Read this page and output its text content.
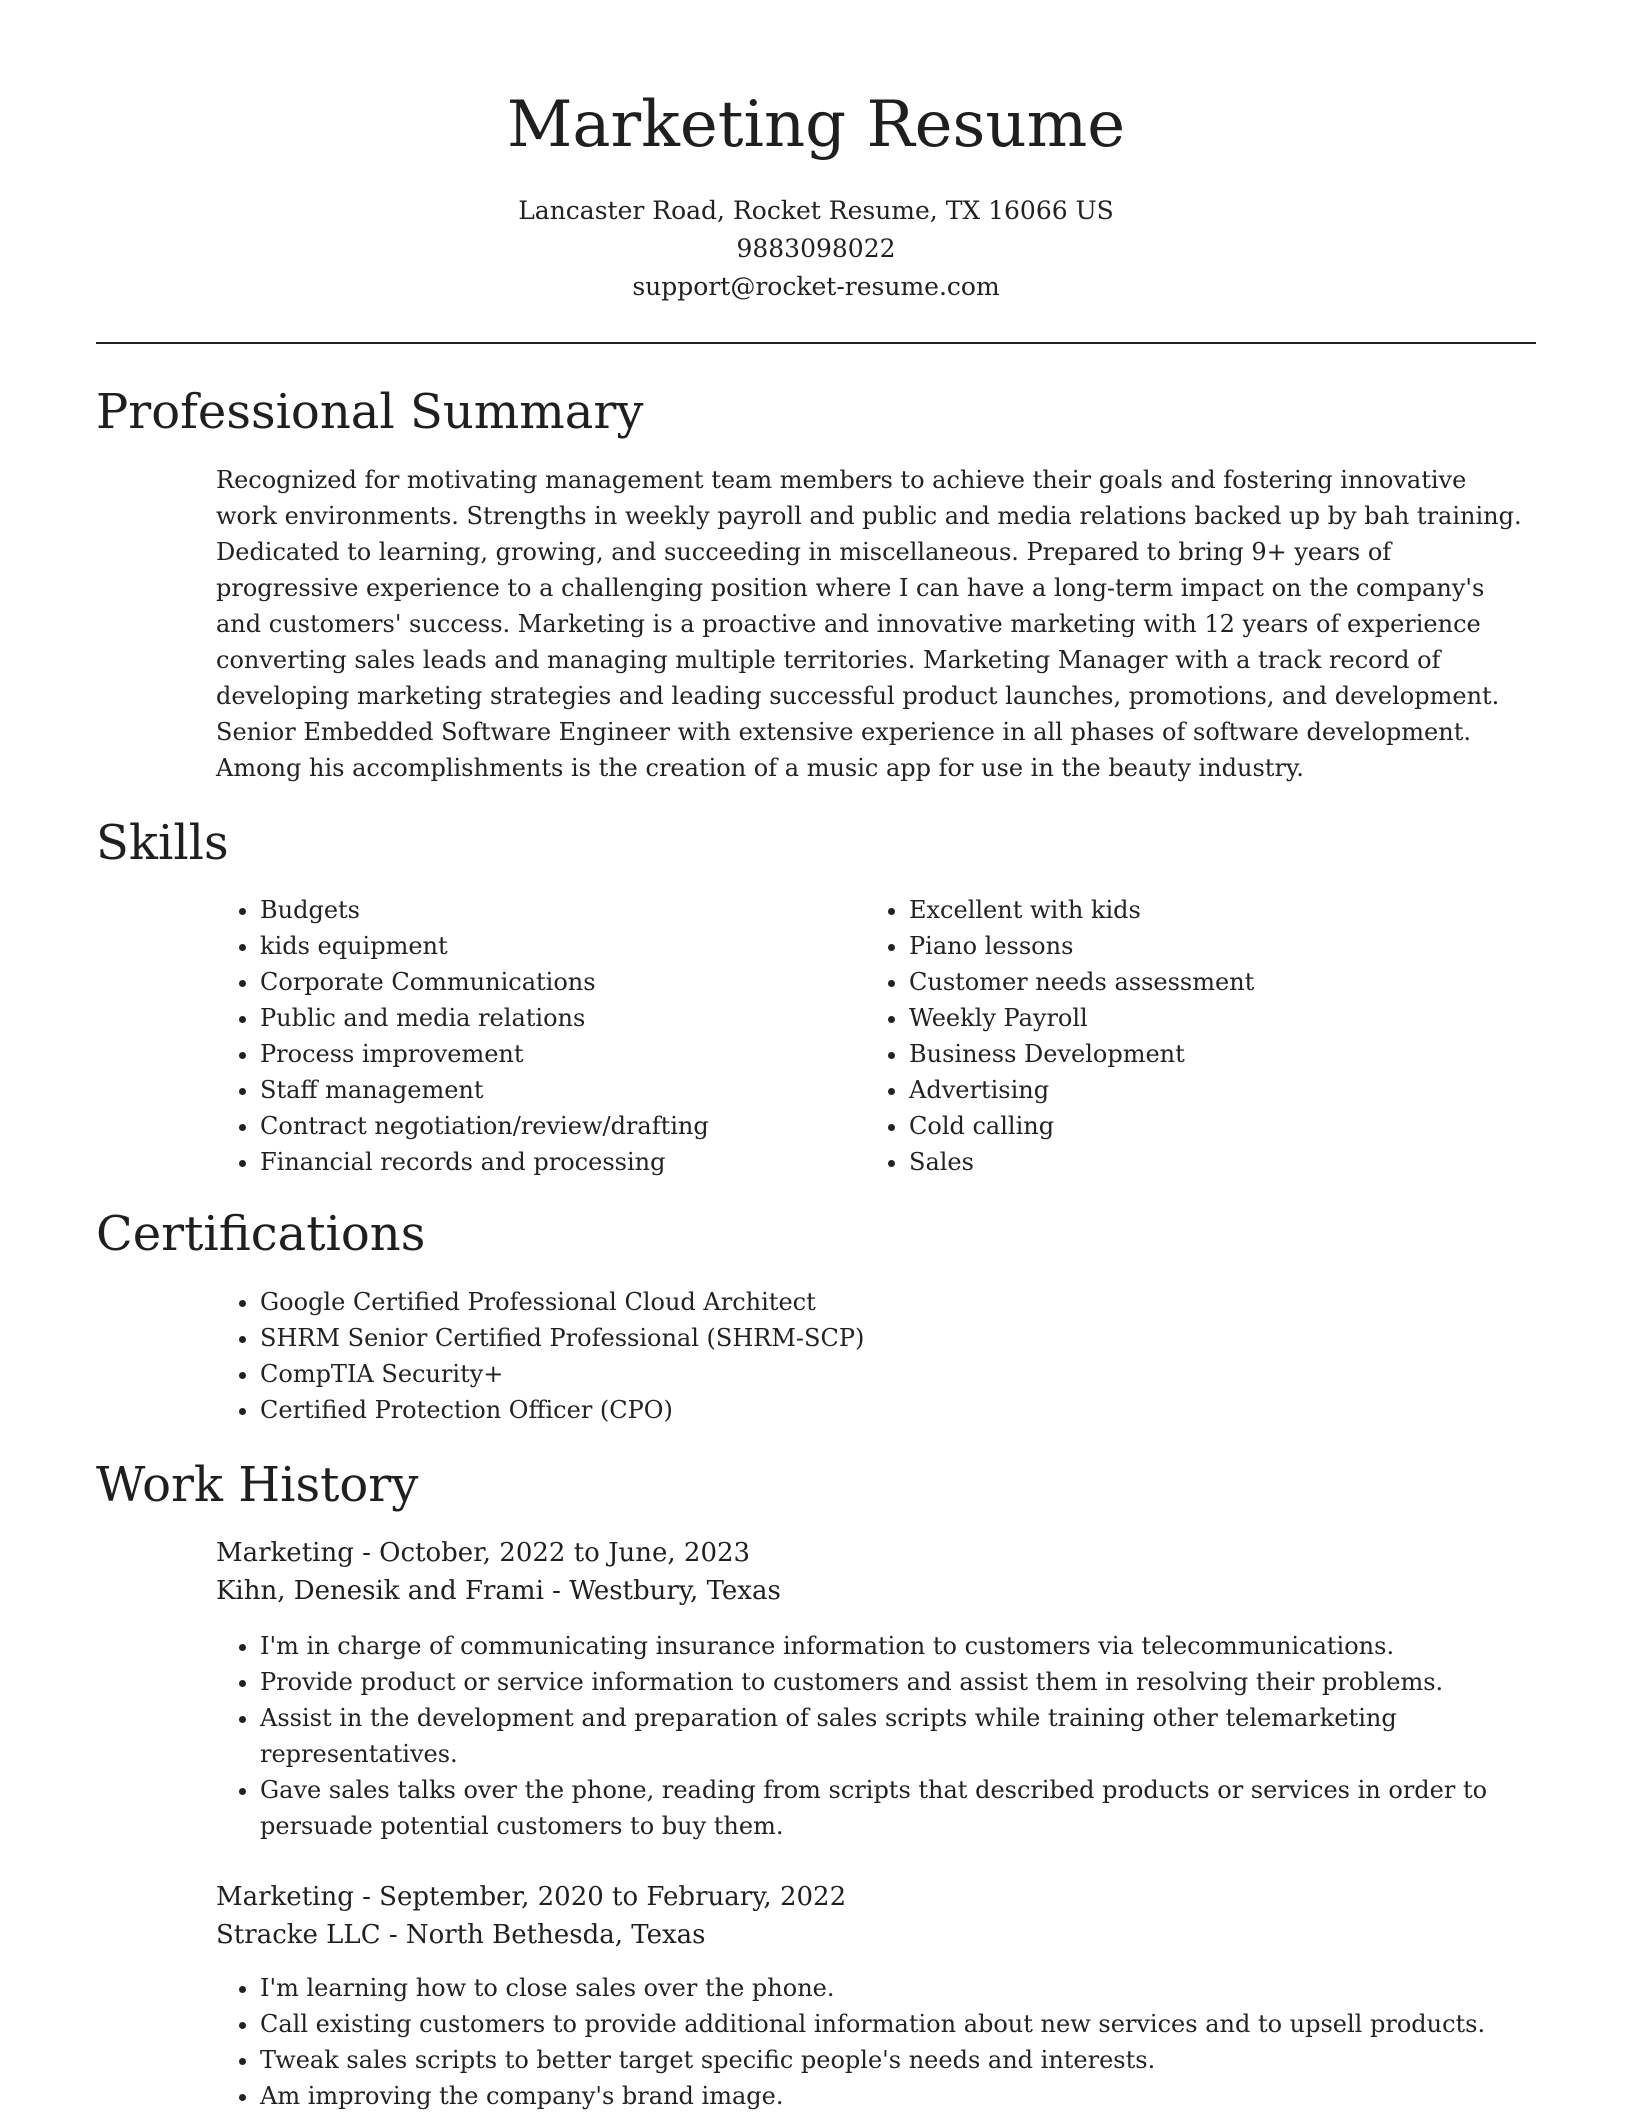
Marketing Resume

Lancaster Road, Rocket Resume, TX 16066 US

9883098022

support@rocket-resume.com

Professional Summary

Recognized for motivating management team members to achieve their goals and fostering innovative work environments. Strengths in weekly payroll and public and media relations backed up by bah training. Dedicated to learning, growing, and succeeding in miscellaneous. Prepared to bring 9+ years of progressive experience to a challenging position where I can have a long-term impact on the company's and customers' success. Marketing is a proactive and innovative marketing with 12 years of experience converting sales leads and managing multiple territories. Marketing Manager with a track record of developing marketing strategies and leading successful product launches, promotions, and development. Senior Embedded Software Engineer with extensive experience in all phases of software development. Among his accomplishments is the creation of a music app for use in the beauty industry.

Skills
• Budgets
• kids equipment
• Corporate Communications
• Public and media relations
• Process improvement
• Staff management
• Contract negotiation/review/drafting
• Financial records and processing
• Excellent with kids
• Piano lessons
• Customer needs assessment
• Weekly Payroll
• Business Development
• Advertising
• Cold calling
• Sales
Certifications
• Google Certified Professional Cloud Architect
• SHRM Senior Certified Professional (SHRM-SCP)
• CompTIA Security+
• Certified Protection Officer (CPO)
Work History

Marketing - October, 2022 to June, 2023

Kihn, Denesik and Frami - Westbury, Texas

• I'm in charge of communicating insurance information to customers via telecommunications.
• Provide product or service information to customers and assist them in resolving their problems.
• Assist in the development and preparation of sales scripts while training other telemarketing representatives.
• Gave sales talks over the phone, reading from scripts that described products or services in order to persuade potential customers to buy them.

Marketing - September, 2020 to February, 2022

Stracke LLC - North Bethesda, Texas

• I'm learning how to close sales over the phone.
• Call existing customers to provide additional information about new services and to upsell products.
• Tweak sales scripts to better target specific people's needs and interests.
• Am improving the company's brand image.
